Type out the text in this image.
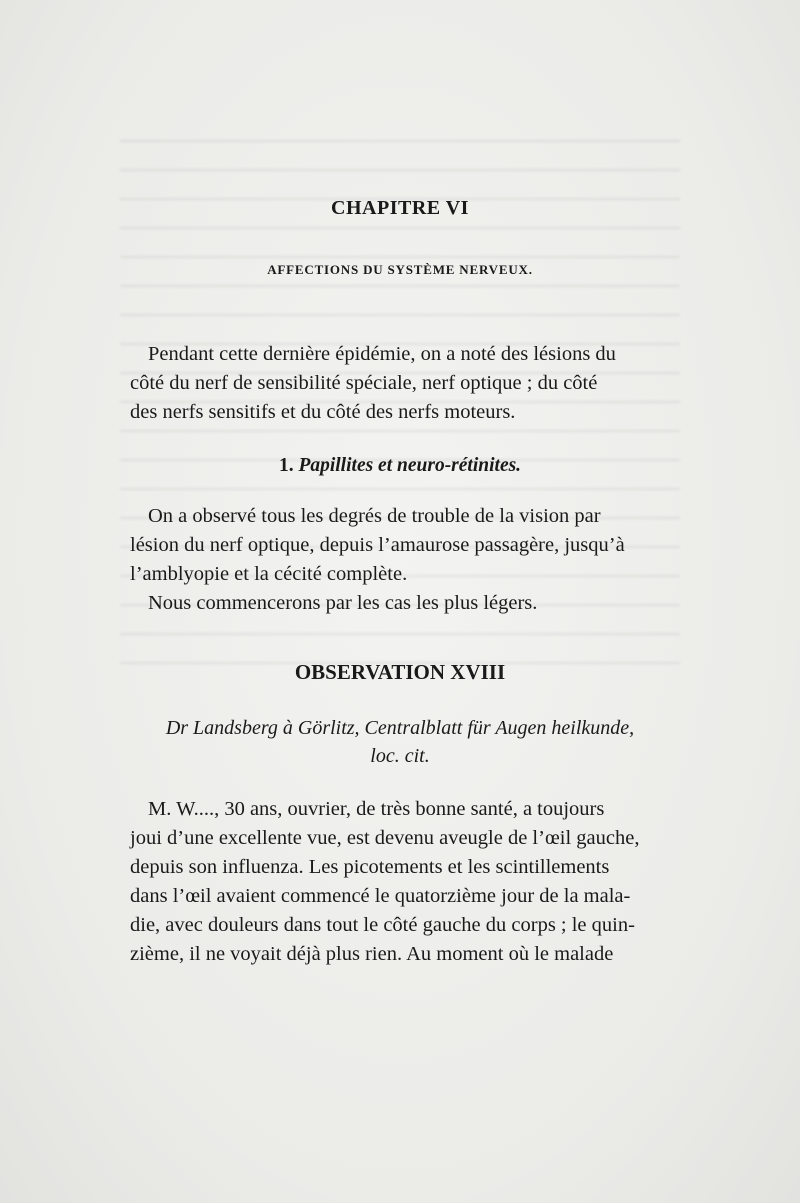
CHAPITRE VI
AFFECTIONS DU SYSTÈME NERVEUX.

Pendant cette dernière épidémie, on a noté des lésions du
côté du nerf de sensibilité spéciale, nerf optique ; du côté
des nerfs sensitifs et du côté des nerfs moteurs.

1. Papillites et neuro-rétinites.

On a observé tous les degrés de trouble de la vision par
lésion du nerf optique, depuis l’amaurose passagère, jusqu’à
l’amblyopie et la cécité complète.
Nous commencerons par les cas les plus légers.

OBSERVATION XVIII
Dr Landsberg à Görlitz, Centralblatt für Augen heilkunde,
loc. cit.

M. W...., 30 ans, ouvrier, de très bonne santé, a toujours
joui d’une excellente vue, est devenu aveugle de l’œil gauche,
depuis son influenza. Les picotements et les scintillements
dans l’œil avaient commencé le quatorzième jour de la mala-
die, avec douleurs dans tout le côté gauche du corps ; le quin-
zième, il ne voyait déjà plus rien. Au moment où le malade
